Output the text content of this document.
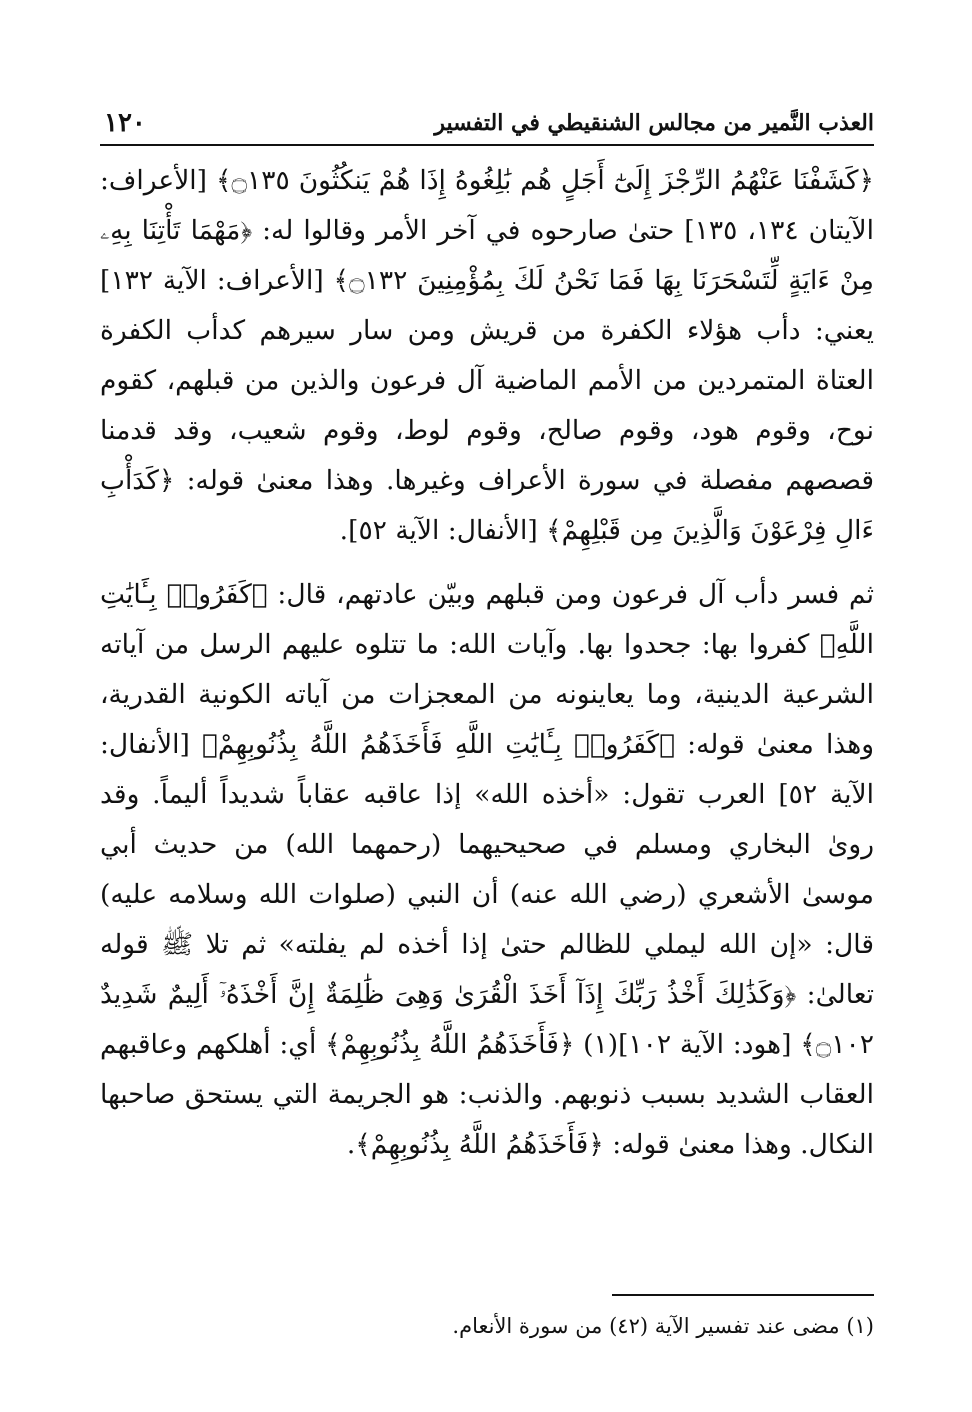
العذب النَّمير من مجالس الشنقيطي في التفسير
١٢٠

﴿كَشَفْنَا عَنْهُمُ الرِّجْزَ إِلَىٰٓ أَجَلٍ هُم بَٰلِغُوهُ إِذَا هُمْ يَنكُثُونَ ۝١٣٥﴾ [الأعراف: الآيتان ١٣٤، ١٣٥] حتىٰ صارحوه في آخر الأمر وقالوا له: ﴿مَهْمَا تَأْتِنَا بِهِۦ مِنْ ءَايَةٍ لِّتَسْحَرَنَا بِهَا فَمَا نَحْنُ لَكَ بِمُؤْمِنِينَ ۝١٣٢﴾ [الأعراف: الآية ١٣٢] يعني: دأب هؤلاء الكفرة من قريش ومن سار سيرهم كدأب الكفرة العتاة المتمردين من الأمم الماضية آل فرعون والذين من قبلهم، كقوم نوح، وقوم هود، وقوم صالح، وقوم لوط، وقوم شعيب، وقد قدمنا قصصهم مفصلة في سورة الأعراف وغيرها. وهذا معنىٰ قوله: ﴿كَدَأْبِ ءَالِ فِرْعَوْنَ وَالَّذِينَ مِن قَبْلِهِمْ﴾ [الأنفال: الآية ٥٢].

ثم فسر دأب آل فرعون ومن قبلهم وبيّن عادتهم، قال: ﴿كَفَرُوا۟ بِـَٔايَٰتِ اللَّهِ﴾ كفروا بها: جحدوا بها. وآيات الله: ما تتلوه عليهم الرسل من آياته الشرعية الدينية، وما يعاينونه من المعجزات من آياته الكونية القدرية، وهذا معنىٰ قوله: ﴿كَفَرُوا۟ بِـَٔايَٰتِ اللَّهِ فَأَخَذَهُمُ اللَّهُ بِذُنُوبِهِمْ﴾ [الأنفال: الآية ٥٢] العرب تقول: «أخذه الله» إذا عاقبه عقاباً شديداً أليماً. وقد روىٰ البخاري ومسلم في صحيحيهما (رحمهما الله) من حديث أبي موسىٰ الأشعري (رضي الله عنه) أن النبي (صلوات الله وسلامه عليه) قال: «إن الله ليملي للظالم حتىٰ إذا أخذه لم يفلته» ثم تلا ﷺ قوله تعالىٰ: ﴿وَكَذَٰلِكَ أَخْذُ رَبِّكَ إِذَآ أَخَذَ الْقُرَىٰ وَهِىَ ظَٰلِمَةٌ إِنَّ أَخْذَهُۥٓ أَلِيمٌ شَدِيدٌ ۝١٠٢﴾ [هود: الآية ١٠٢](١) ﴿فَأَخَذَهُمُ اللَّهُ بِذُنُوبِهِمْ﴾ أي: أهلكهم وعاقبهم العقاب الشديد بسبب ذنوبهم. والذنب: هو الجريمة التي يستحق صاحبها النكال. وهذا معنىٰ قوله: ﴿فَأَخَذَهُمُ اللَّهُ بِذُنُوبِهِمْ﴾.

(١) مضى عند تفسير الآية (٤٢) من سورة الأنعام.
